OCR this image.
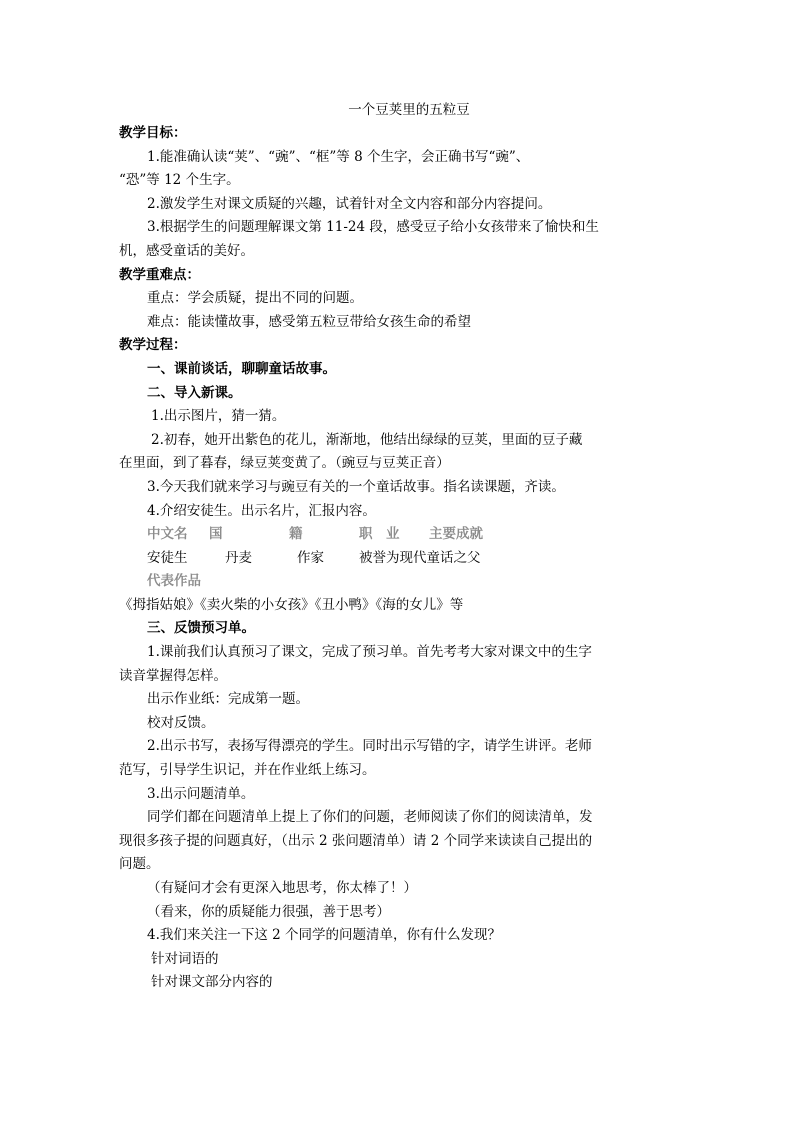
一个豆荚里的五粒豆
教学目标：
1.能准确认读“荚”、“豌”、“框”等 8 个生字，会正确书写“豌”、
“恐”等 12 个生字。
2.激发学生对课文质疑的兴趣，试着针对全文内容和部分内容提问。
3.根据学生的问题理解课文第 11-24 段，感受豆子给小女孩带来了愉快和生
机，感受童话的美好。
教学重难点：
重点：学会质疑，提出不同的问题。
难点：能读懂故事，感受第五粒豆带给女孩生命的希望
教学过程：
一、课前谈话，聊聊童话故事。
二、导入新课。
1.出示图片，猜一猜。
2.初春，她开出紫色的花儿，渐渐地，他结出绿绿的豆荚，里面的豆子藏
在里面，到了暮春，绿豆荚变黄了。（豌豆与豆荚正音）
3.今天我们就来学习与豌豆有关的一个童话故事。指名读课题，齐读。
4.介绍安徒生。出示名片，汇报内容。
中文名	国	籍	职　业	主要成就
安徒生	丹麦	作家	被誉为现代童话之父
代表作品
《拇指姑娘》《卖火柴的小女孩》《丑小鸭》《海的女儿》等
三、反馈预习单。
1.课前我们认真预习了课文，完成了预习单。首先考考大家对课文中的生字
读音掌握得怎样。
出示作业纸：完成第一题。
校对反馈。
2.出示书写，表扬写得漂亮的学生。同时出示写错的字，请学生讲评。老师
范写，引导学生识记，并在作业纸上练习。
3.出示问题清单。
同学们都在问题清单上提上了你们的问题，老师阅读了你们的阅读清单，发
现很多孩子提的问题真好，（出示 2 张问题清单）请 2 个同学来读读自己提出的
问题。
（有疑问才会有更深入地思考，你太棒了！）
（看来，你的质疑能力很强，善于思考）
4.我们来关注一下这 2 个同学的问题清单，你有什么发现？
针对词语的
针对课文部分内容的
